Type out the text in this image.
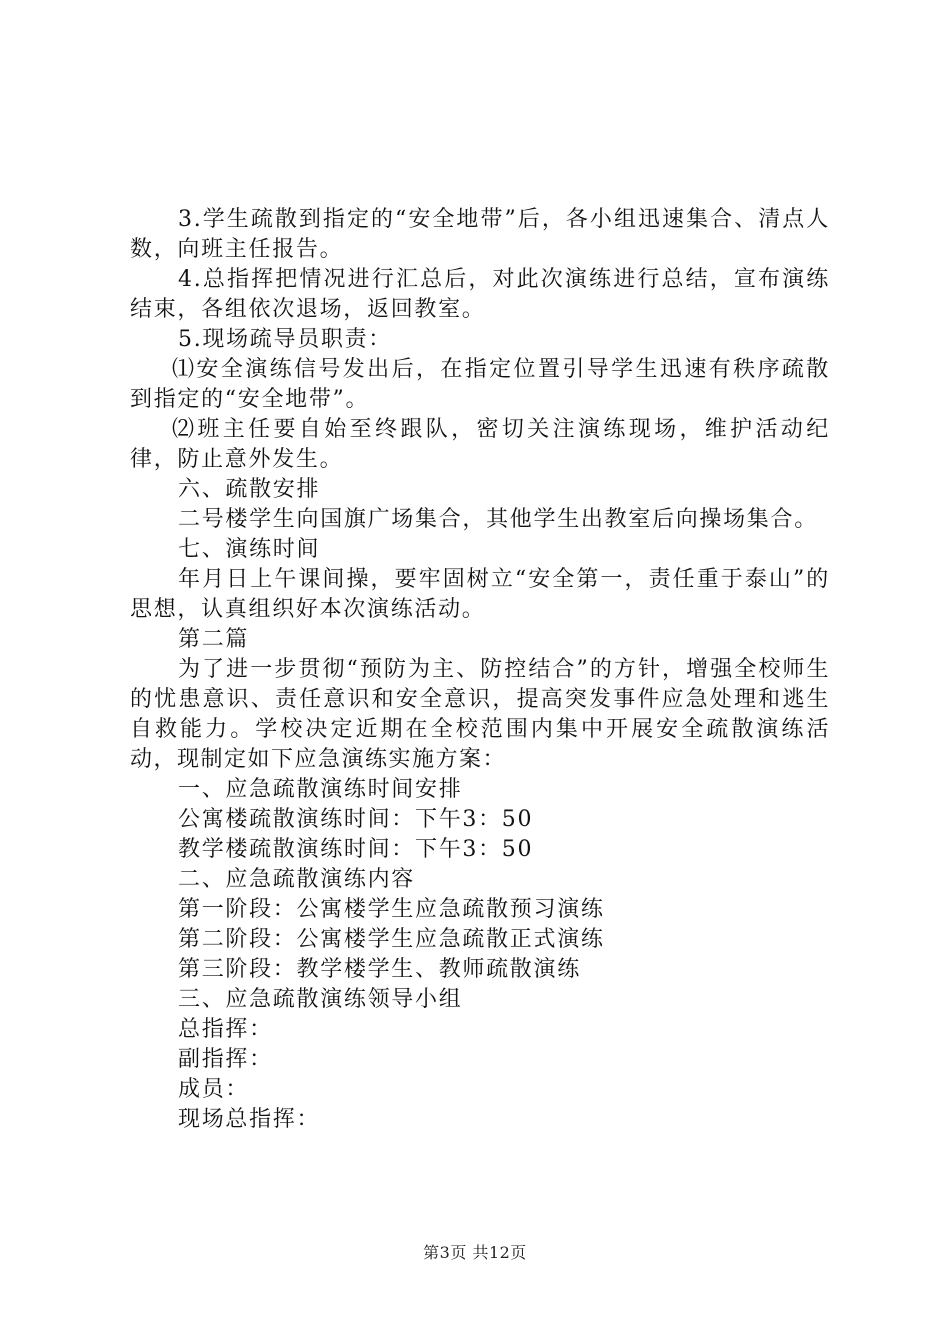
3.学生疏散到指定的“安全地带”后，各小组迅速集合、清点人数，向班主任报告。

4.总指挥把情况进行汇总后，对此次演练进行总结，宣布演练结束，各组依次退场，返回教室。

5.现场疏导员职责：

⑴安全演练信号发出后，在指定位置引导学生迅速有秩序疏散到指定的“安全地带”。

⑵班主任要自始至终跟队，密切关注演练现场，维护活动纪律，防止意外发生。

六、疏散安排

二号楼学生向国旗广场集合，其他学生出教室后向操场集合。

七、演练时间

年月日上午课间操，要牢固树立“安全第一，责任重于泰山”的思想，认真组织好本次演练活动。

第二篇

为了进一步贯彻“预防为主、防控结合”的方针，增强全校师生的忧患意识、责任意识和安全意识，提高突发事件应急处理和逃生自救能力。学校决定近期在全校范围内集中开展安全疏散演练活动，现制定如下应急演练实施方案：

一、应急疏散演练时间安排

公寓楼疏散演练时间：下午3：50

教学楼疏散演练时间：下午3：50

二、应急疏散演练内容

第一阶段：公寓楼学生应急疏散预习演练

第二阶段：公寓楼学生应急疏散正式演练

第三阶段：教学楼学生、教师疏散演练

三、应急疏散演练领导小组

总指挥：

副指挥：

成员：

现场总指挥：

第3页 共12页
